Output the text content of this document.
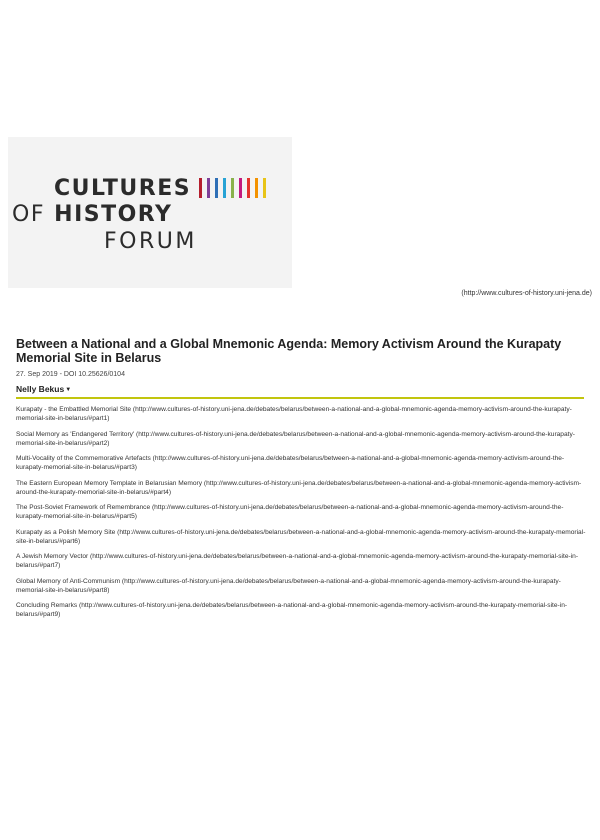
CULTURES
OF HISTORY
FORUM
(http://www.cultures-of-history.uni-jena.de)
Between a National and a Global Mnemonic Agenda: Memory Activism Around the Kurapaty Memorial Site in Belarus
27. Sep 2019 - DOI 10.25626/0104
Nelly Bekus▼
Kurapaty - the Embattled Memorial Site (http://www.cultures-of-history.uni-jena.de/debates/belarus/between-a-national-and-a-global-mnemonic-agenda-memory-activism-around-the-kurapaty-memorial-site-in-belarus/#part1)
Social Memory as 'Endangered Territory' (http://www.cultures-of-history.uni-jena.de/debates/belarus/between-a-national-and-a-global-mnemonic-agenda-memory-activism-around-the-kurapaty-memorial-site-in-belarus/#part2)
Multi-Vocality of the Commemorative Artefacts (http://www.cultures-of-history.uni-jena.de/debates/belarus/between-a-national-and-a-global-mnemonic-agenda-memory-activism-around-the-kurapaty-memorial-site-in-belarus/#part3)
The Eastern European Memory Template in Belarusian Memory (http://www.cultures-of-history.uni-jena.de/debates/belarus/between-a-national-and-a-global-mnemonic-agenda-memory-activism-around-the-kurapaty-memorial-site-in-belarus/#part4)
The Post-Soviet Framework of Remembrance (http://www.cultures-of-history.uni-jena.de/debates/belarus/between-a-national-and-a-global-mnemonic-agenda-memory-activism-around-the-kurapaty-memorial-site-in-belarus/#part5)
Kurapaty as a Polish Memory Site (http://www.cultures-of-history.uni-jena.de/debates/belarus/between-a-national-and-a-global-mnemonic-agenda-memory-activism-around-the-kurapaty-memorial-site-in-belarus/#part6)
A Jewish Memory Vector (http://www.cultures-of-history.uni-jena.de/debates/belarus/between-a-national-and-a-global-mnemonic-agenda-memory-activism-around-the-kurapaty-memorial-site-in-belarus/#part7)
Global Memory of Anti-Communism (http://www.cultures-of-history.uni-jena.de/debates/belarus/between-a-national-and-a-global-mnemonic-agenda-memory-activism-around-the-kurapaty-memorial-site-in-belarus/#part8)
Concluding Remarks (http://www.cultures-of-history.uni-jena.de/debates/belarus/between-a-national-and-a-global-mnemonic-agenda-memory-activism-around-the-kurapaty-memorial-site-in-belarus/#part9)
